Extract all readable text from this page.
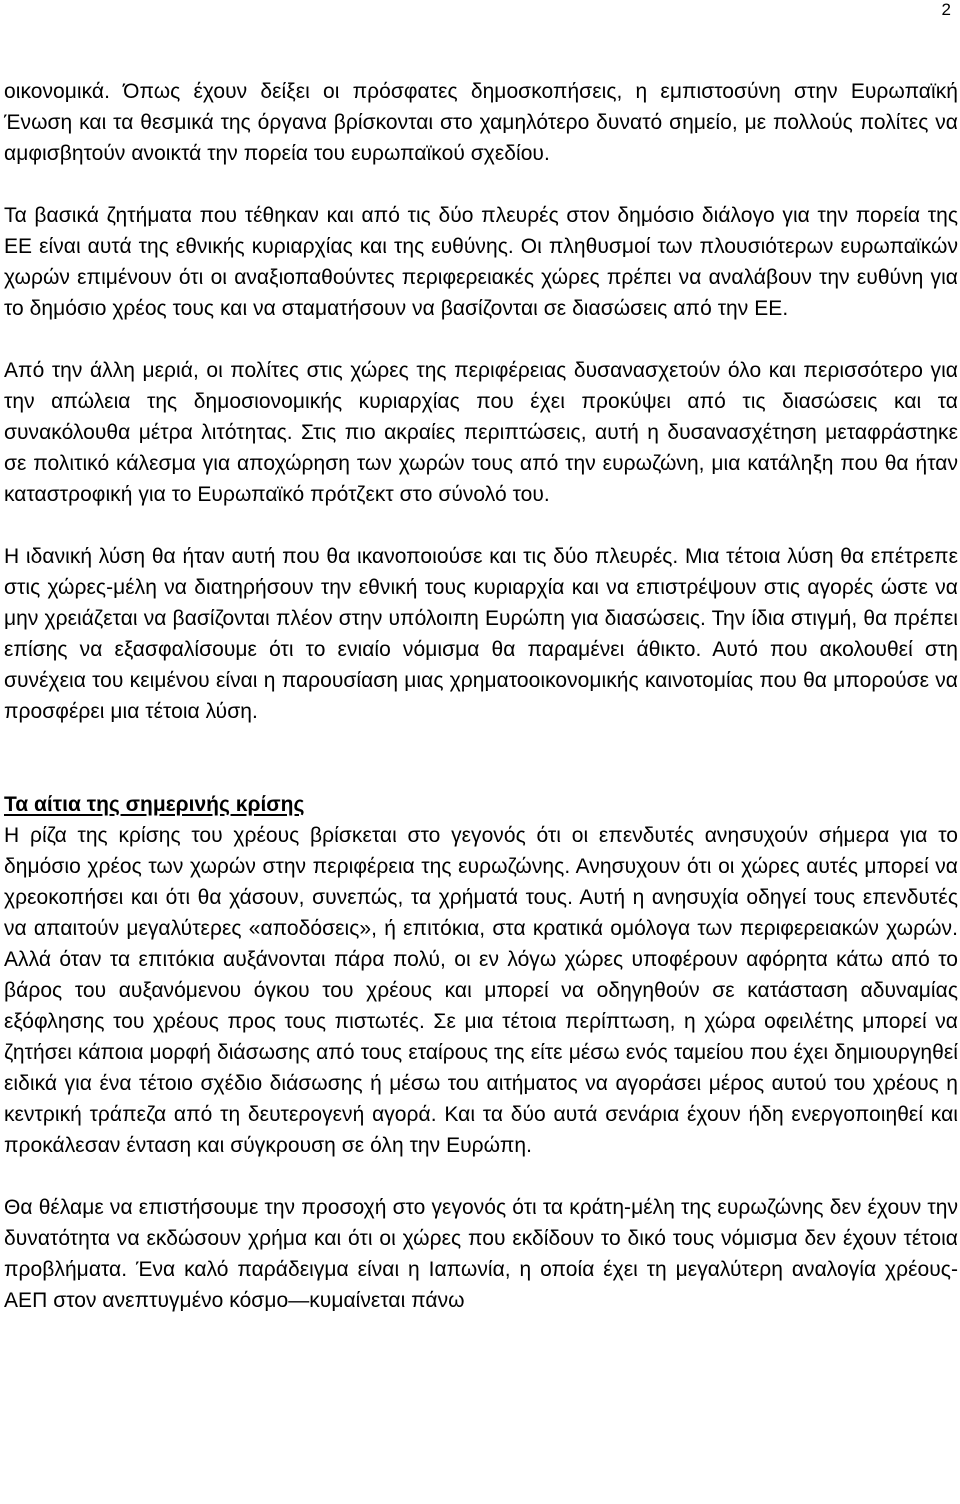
2

οικονομικά. Όπως έχουν δείξει οι πρόσφατες δημοσκοπήσεις, η εμπιστοσύνη στην Ευρωπαϊκή Ένωση και τα θεσμικά της όργανα βρίσκονται στο χαμηλότερο δυνατό σημείο, με πολλούς πολίτες να αμφισβητούν ανοικτά την πορεία του ευρωπαϊκού σχεδίου.

Τα βασικά ζητήματα που τέθηκαν και από τις δύο πλευρές στον δημόσιο διάλογο για την πορεία της ΕΕ είναι αυτά της εθνικής κυριαρχίας και της ευθύνης. Οι πληθυσμοί των πλουσιότερων ευρωπαϊκών χωρών επιμένουν ότι οι αναξιοπαθούντες περιφερειακές χώρες πρέπει να αναλάβουν την ευθύνη για το δημόσιο χρέος τους και να σταματήσουν να βασίζονται σε διασώσεις από την ΕΕ.

Από την άλλη μεριά, οι πολίτες στις χώρες της περιφέρειας δυσανασχετούν όλο και περισσότερο για την απώλεια της δημοσιονομικής κυριαρχίας που έχει προκύψει από τις διασώσεις και τα συνακόλουθα μέτρα λιτότητας. Στις πιο ακραίες περιπτώσεις, αυτή η δυσανασχέτηση μεταφράστηκε σε πολιτικό κάλεσμα για αποχώρηση των χωρών τους από την ευρωζώνη, μια κατάληξη που θα ήταν καταστροφική για το Ευρωπαϊκό πρότζεκτ στο σύνολό του.

Η ιδανική λύση θα ήταν αυτή που θα ικανοποιούσε και τις δύο πλευρές. Μια τέτοια λύση θα επέτρεπε στις χώρες-μέλη να διατηρήσουν την εθνική τους κυριαρχία και να επιστρέψουν στις αγορές ώστε να μην χρειάζεται να βασίζονται πλέον στην υπόλοιπη Ευρώπη για διασώσεις. Την ίδια στιγμή, θα πρέπει επίσης να εξασφαλίσουμε ότι το ενιαίο νόμισμα θα παραμένει άθικτο. Αυτό που ακολουθεί στη συνέχεια του κειμένου είναι η παρουσίαση μιας χρηματοοικονομικής καινοτομίας που θα μπορούσε να προσφέρει μια τέτοια λύση.

Τα αίτια της σημερινής κρίσης

Η ρίζα της κρίσης του χρέους βρίσκεται στο γεγονός ότι οι επενδυτές ανησυχούν σήμερα για το δημόσιο χρέος των χωρών στην περιφέρεια της ευρωζώνης. Ανησυχουν ότι οι χώρες αυτές μπορεί να χρεοκοπήσει και ότι θα χάσουν, συνεπώς, τα χρήματά τους. Αυτή η ανησυχία οδηγεί τους επενδυτές να απαιτούν μεγαλύτερες «αποδόσεις», ή επιτόκια, στα κρατικά ομόλογα των περιφερειακών χωρών. Αλλά όταν τα επιτόκια αυξάνονται πάρα πολύ, οι εν λόγω χώρες υποφέρουν αφόρητα κάτω από το βάρος του αυξανόμενου όγκου του χρέους και μπορεί να οδηγηθούν σε κατάσταση αδυναμίας εξόφλησης του χρέους προς τους πιστωτές. Σε μια τέτοια περίπτωση, η χώρα οφειλέτης μπορεί να ζητήσει κάποια μορφή διάσωσης από τους εταίρους της είτε μέσω ενός ταμείου που έχει δημιουργηθεί ειδικά για ένα τέτοιο σχέδιο διάσωσης ή μέσω του αιτήματος να αγοράσει μέρος αυτού του χρέους η κεντρική τράπεζα από τη δευτερογενή αγορά. Και τα δύο αυτά σενάρια έχουν ήδη ενεργοποιηθεί και προκάλεσαν ένταση και σύγκρουση σε όλη την Ευρώπη.

Θα θέλαμε να επιστήσουμε την προσοχή στο γεγονός ότι τα κράτη-μέλη της ευρωζώνης δεν έχουν την δυνατότητα να εκδώσουν χρήμα και ότι οι χώρες που εκδίδουν το δικό τους νόμισμα δεν έχουν τέτοια προβλήματα. Ένα καλό παράδειγμα είναι η Ιαπωνία, η οποία έχει τη μεγαλύτερη αναλογία χρέους-ΑΕΠ στον ανεπτυγμένο κόσμο—κυμαίνεται πάνω
